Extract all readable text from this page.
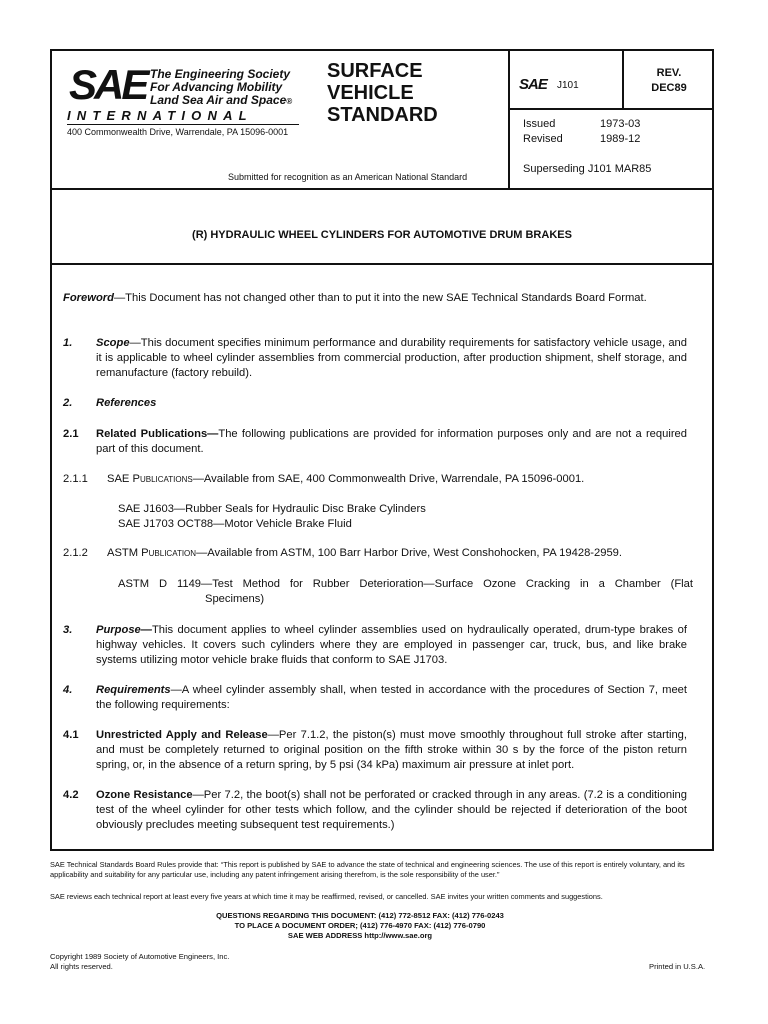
SAE The Engineering Society
For Advancing Mobility
Land Sea Air and Space®
INTERNATIONAL
400 Commonwealth Drive, Warrendale, PA 15096-0001
SURFACE
VEHICLE
STANDARD
Submitted for recognition as an American National Standard
SAE J101
REV.
DEC89
Issued	1973-03
Revised	1989-12
Superseding J101 MAR85
(R) HYDRAULIC WHEEL CYLINDERS FOR AUTOMOTIVE DRUM BRAKES
Foreword—This Document has not changed other than to put it into the new SAE Technical Standards Board Format.
1.	Scope—This document specifies minimum performance and durability requirements for satisfactory vehicle usage, and it is applicable to wheel cylinder assemblies from commercial production, after production shipment, shelf storage, and remanufacture (factory rebuild).
2.	References
2.1	Related Publications—The following publications are provided for information purposes only and are not a required part of this document.
2.1.1	SAE Publications—Available from SAE, 400 Commonwealth Drive, Warrendale, PA 15096-0001.
SAE J1603—Rubber Seals for Hydraulic Disc Brake Cylinders
SAE J1703 OCT88—Motor Vehicle Brake Fluid
2.1.2	ASTM Publication—Available from ASTM, 100 Barr Harbor Drive, West Conshohocken, PA 19428-2959.
ASTM D 1149—Test Method for Rubber Deterioration—Surface Ozone Cracking in a Chamber (Flat
Specimens)
3.	Purpose—This document applies to wheel cylinder assemblies used on hydraulically operated, drum-type brakes of highway vehicles. It covers such cylinders where they are employed in passenger car, truck, bus, and like brake systems utilizing motor vehicle brake fluids that conform to SAE J1703.
4.	Requirements—A wheel cylinder assembly shall, when tested in accordance with the procedures of Section 7, meet the following requirements:
4.1	Unrestricted Apply and Release—Per 7.1.2, the piston(s) must move smoothly throughout full stroke after starting, and must be completely returned to original position on the fifth stroke within 30 s by the force of the piston return spring, or, in the absence of a return spring, by 5 psi (34 kPa) maximum air pressure at inlet port.
4.2	Ozone Resistance—Per 7.2, the boot(s) shall not be perforated or cracked through in any areas. (7.2 is a conditioning test of the wheel cylinder for other tests which follow, and the cylinder should be rejected if deterioration of the boot obviously precludes meeting subsequent test requirements.)
SAE Technical Standards Board Rules provide that: “This report is published by SAE to advance the state of technical and engineering sciences. The use of this report is entirely voluntary, and its applicability and suitability for any particular use, including any patent infringement arising therefrom, is the sole responsibility of the user.”
SAE reviews each technical report at least every five years at which time it may be reaffirmed, revised, or cancelled. SAE invites your written comments and suggestions.
QUESTIONS REGARDING THIS DOCUMENT: (412) 772-8512 FAX: (412) 776-0243
TO PLACE A DOCUMENT ORDER; (412) 776-4970 FAX: (412) 776-0790
SAE WEB ADDRESS http://www.sae.org
Copyright 1989 Society of Automotive Engineers, Inc.
All rights reserved.	Printed in U.S.A.
